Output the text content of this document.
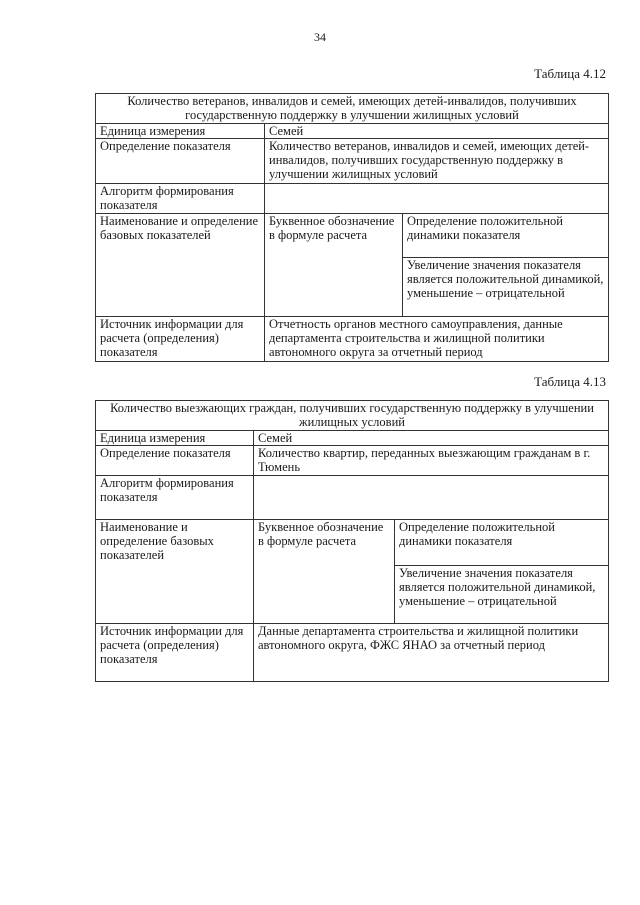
34
Таблица 4.12
Количество ветеранов, инвалидов и семей, имеющих детей-инвалидов, получивших государственную поддержку в улучшении жилищных условий		
Единица измерения	Семей	
Определение показателя	Количество ветеранов, инвалидов и семей, имеющих детей-инвалидов, получивших государственную поддержку в улучшении жилищных условий	
Алгоритм формирования показателя		
Наименование и определение базовых показателей	Буквенное обозначение в формуле расчета	Определение положительной динамики показателя
		Увеличение значения показателя является положительной динамикой, уменьшение – отрицательной
Источник информации для расчета (определения) показателя	Отчетность органов местного самоуправления, данные департамента строительства и жилищной политики автономного округа за отчетный период	
Таблица 4.13
Количество выезжающих граждан, получивших государственную поддержку в улучшении жилищных условий		
Единица измерения	Семей	
Определение показателя	Количество квартир, переданных выезжающим гражданам в г. Тюмень	
Алгоритм формирования показателя		
Наименование и определение базовых показателей	Буквенное обозначение в формуле расчета	Определение положительной динамики показателя
		Увеличение значения показателя является положительной динамикой, уменьшение – отрицательной
Источник информации для расчета (определения) показателя	Данные департамента строительства и жилищной политики автономного округа, ФЖС ЯНАО за отчетный период	
